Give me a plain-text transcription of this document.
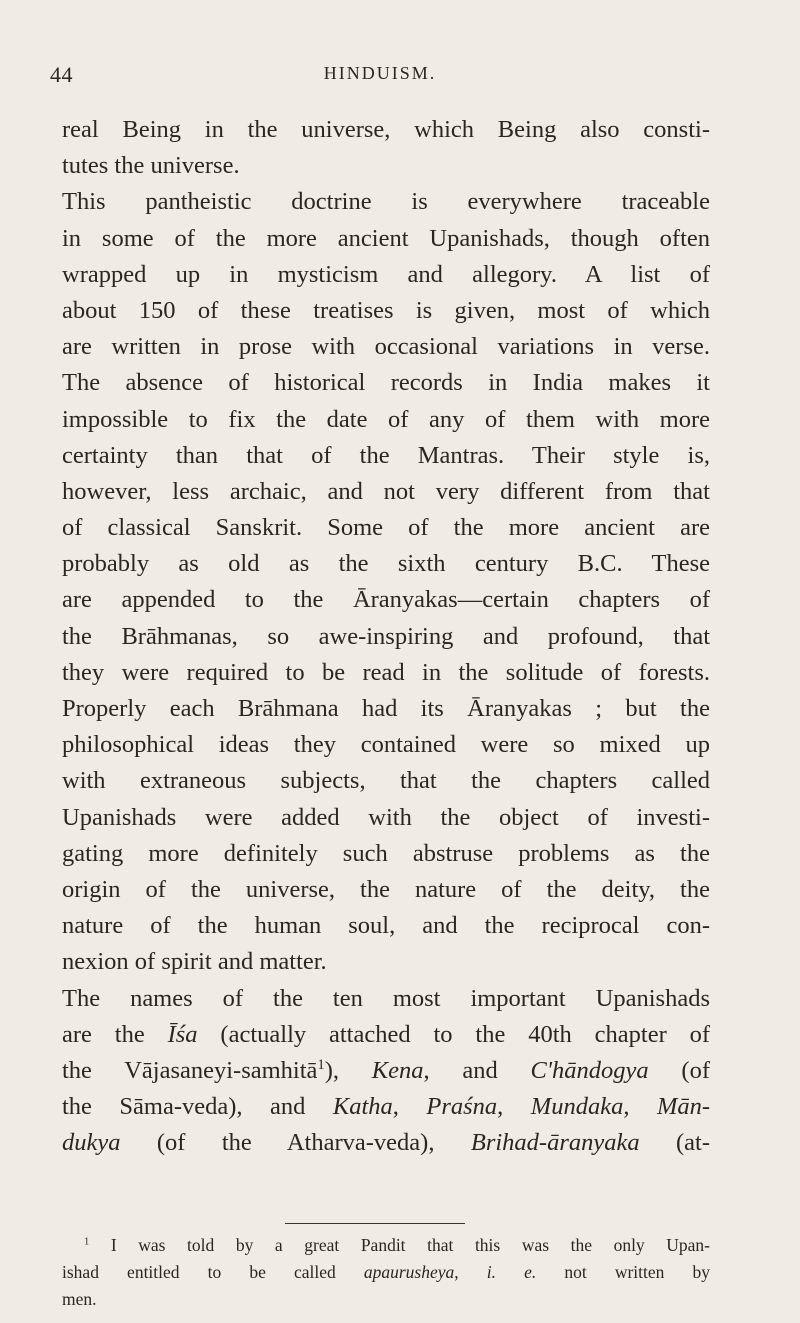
44	HINDUISM.
real Being in the universe, which Being also consti-
tutes the universe.
This pantheistic doctrine is everywhere traceable
in some of the more ancient Upanishads, though often
wrapped up in mysticism and allegory. A list of
about 150 of these treatises is given, most of which
are written in prose with occasional variations in verse.
The absence of historical records in India makes it
impossible to fix the date of any of them with more
certainty than that of the Mantras. Their style is,
however, less archaic, and not very different from that
of classical Sanskrit. Some of the more ancient are
probably as old as the sixth century B.C. These
are appended to the Āranyakas—certain chapters of
the Brāhmanas, so awe-inspiring and profound, that
they were required to be read in the solitude of forests.
Properly each Brāhmana had its Āranyakas ; but the
philosophical ideas they contained were so mixed up
with extraneous subjects, that the chapters called
Upanishads were added with the object of investi-
gating more definitely such abstruse problems as the
origin of the universe, the nature of the deity, the
nature of the human soul, and the reciprocal con-
nexion of spirit and matter.
The names of the ten most important Upanishads
are the Īśa (actually attached to the 40th chapter of
the Vājasaneyi-samhitā$^1$), Kena, and C'hāndogya (of
the Sāma-veda), and Katha, Praśna, Mundaka, Mān-
dukya (of the Atharva-veda), Brihad-āranyaka (at-
$^1$ I was told by a great Pandit that this was the only Upan-
ishad entitled to be called apaurusheya, i. e. not written by
men.
